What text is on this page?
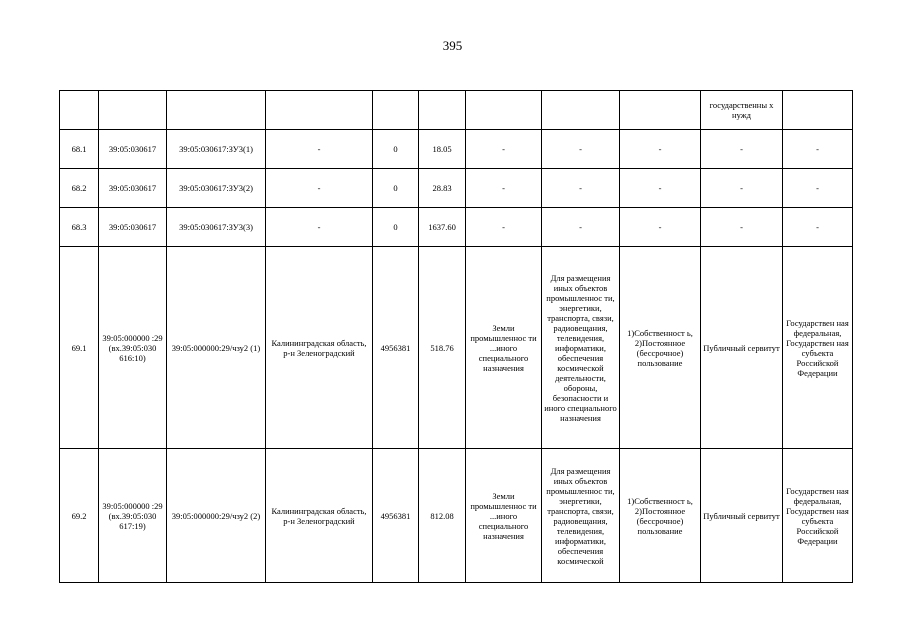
395
									государственны х нужд	
68.1	39:05:030617	39:05:030617:ЗУ3(1)	-	0	18.05	-	-	-	-	-
68.2	39:05:030617	39:05:030617:ЗУ3(2)	-	0	28.83	-	-	-	-	-
68.3	39:05:030617	39:05:030617:ЗУ3(3)	-	0	1637.60	-	-	-	-	-
69.1	39:05:000000 :29 (вх.39:05:030 616:10)	39:05:000000:29/чзу2 (1)	Калининградская область, р-н Зеленоградский	4956381	518.76	Земли промышленнос ти ...иного специального назначения	Для размещения иных объектов промышленнос ти, энергетики, транспорта, связи, радиовещания, телевидения, информатики, обеспечения космической деятельности, обороны, безопасности и иного специального назначения	1)Собственност ь, 2)Постоянное (бессрочное) пользование	Публичный сервитут	Государствен ная федеральная, Государствен ная субъекта Российской Федерации
69.2	39:05:000000 :29 (вх.39:05:030 617:19)	39:05:000000:29/чзу2 (2)	Калининградская область, р-н Зеленоградский	4956381	812.08	Земли промышленнос ти ...иного специального назначения	Для размещения иных объектов промышленнос ти, энергетики, транспорта, связи, радиовещания, телевидения, информатики, обеспечения космической	1)Собственност ь, 2)Постоянное (бессрочное) пользование	Публичный сервитут	Государствен ная федеральная, Государствен ная субъекта Российской Федерации
